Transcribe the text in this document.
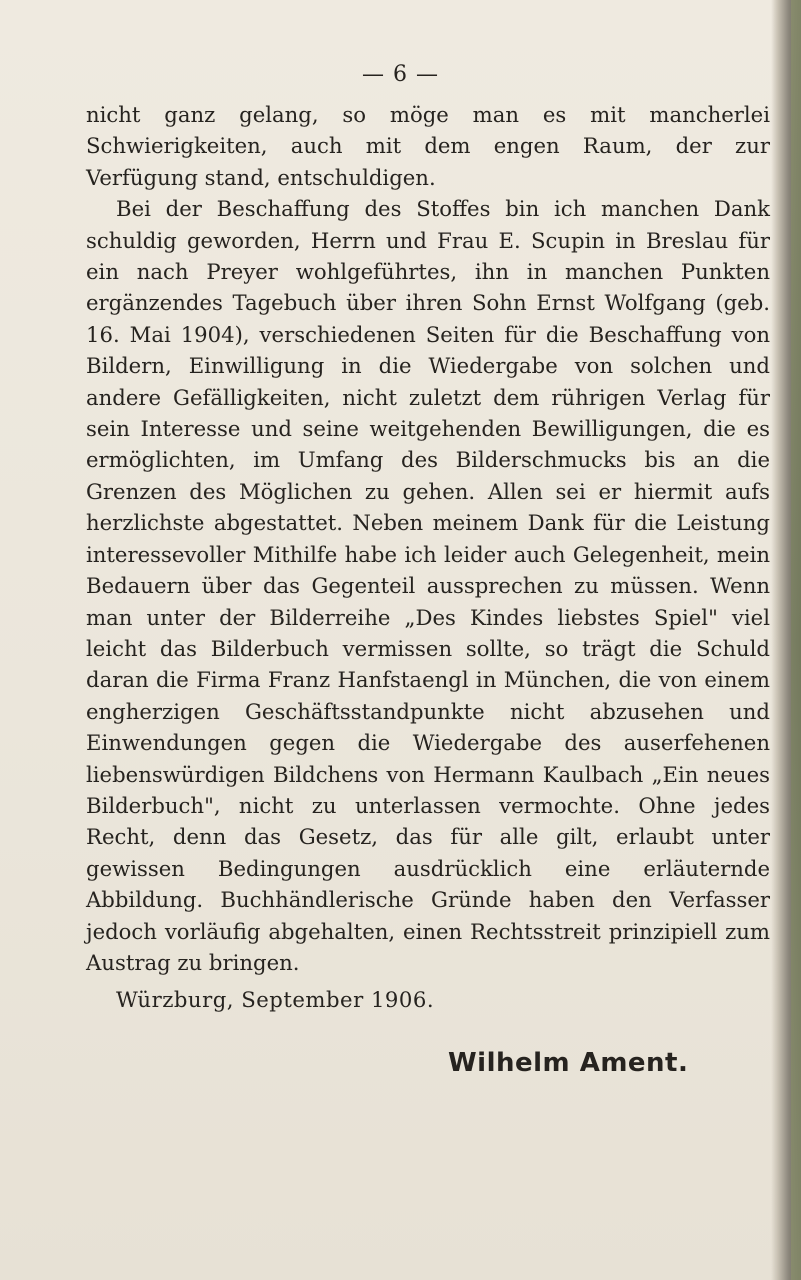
— 6 —

nicht ganz gelang, so möge man es mit mancherlei Schwierigkeiten, auch mit dem engen Raum, der zur Verfügung stand, entschuldigen.

Bei der Beschaffung des Stoffes bin ich manchen Dank schuldig geworden, Herrn und Frau E. Scupin in Breslau für ein nach Preyer wohlgeführtes, ihn in manchen Punkten ergänzendes Tagebuch über ihren Sohn Ernst Wolfgang (geb. 16. Mai 1904), verschiedenen Seiten für die Beschaffung von Bildern, Einwilligung in die Wiedergabe von solchen und andere Gefälligkeiten, nicht zuletzt dem rührigen Verlag für sein Interesse und seine weitgehenden Bewilligungen, die es ermöglichten, im Umfang des Bilderschmucks bis an die Grenzen des Möglichen zu gehen. Allen sei er hiermit aufs herzlichste abgestattet. Neben meinem Dank für die Leistung interessevoller Mithilfe habe ich leider auch Gelegenheit, mein Bedauern über das Gegenteil aussprechen zu müssen. Wenn man unter der Bilderreihe „Des Kindes liebstes Spiel" viel leicht das Bilderbuch vermissen sollte, so trägt die Schuld daran die Firma Franz Hanfstaengl in München, die von einem engherzigen Geschäftsstandpunkte nicht abzusehen und Einwendungen gegen die Wiedergabe des auserfehenen liebenswürdigen Bildchens von Hermann Kaulbach „Ein neues Bilderbuch", nicht zu unterlassen vermochte. Ohne jedes Recht, denn das Gesetz, das für alle gilt, erlaubt unter gewissen Bedingungen ausdrücklich eine erläuternde Abbildung. Buchhändlerische Gründe haben den Verfasser jedoch vorläufig abgehalten, einen Rechtsstreit prinzipiell zum Austrag zu bringen.

Würzburg, September 1906.

Wilhelm Ament.
